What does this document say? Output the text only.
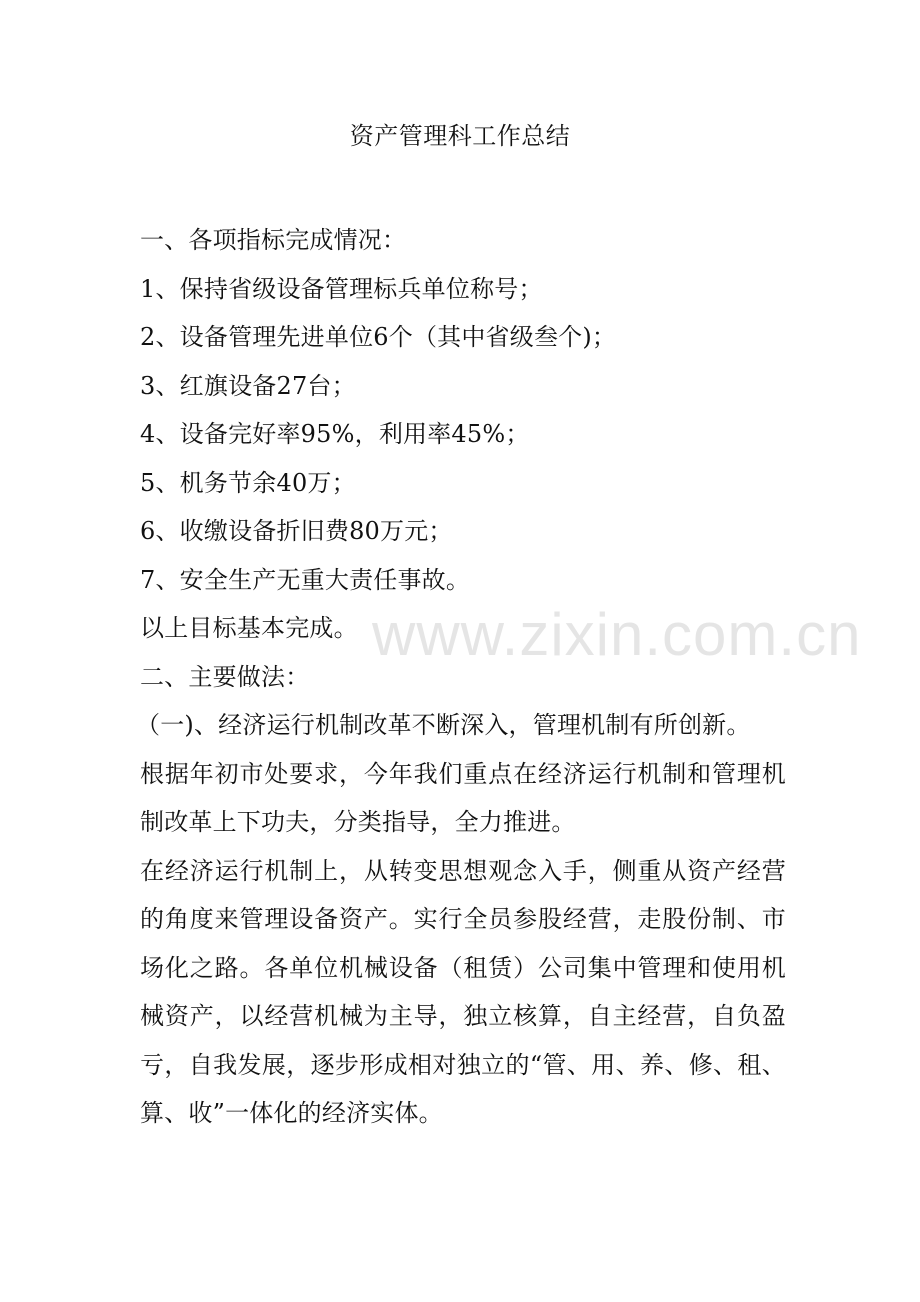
资产管理科工作总结

一、各项指标完成情况：

1、保持省级设备管理标兵单位称号；

2、设备管理先进单位6个（其中省级叁个)；

3、红旗设备27台；

4、设备完好率95%，利用率45%；

5、机务节余40万；

6、收缴设备折旧费80万元；

7、安全生产无重大责任事故。

以上目标基本完成。

二、主要做法：

（一)、经济运行机制改革不断深入，管理机制有所创新。

根据年初市处要求，今年我们重点在经济运行机制和管理机制改革上下功夫，分类指导，全力推进。

在经济运行机制上，从转变思想观念入手，侧重从资产经营的角度来管理设备资产。实行全员参股经营，走股份制、市场化之路。各单位机械设备（租赁）公司集中管理和使用机械资产，以经营机械为主导，独立核算，自主经营，自负盈亏，自我发展，逐步形成相对独立的“管、用、养、修、租、算、收”一体化的经济实体。

www.zixin.com.cn
